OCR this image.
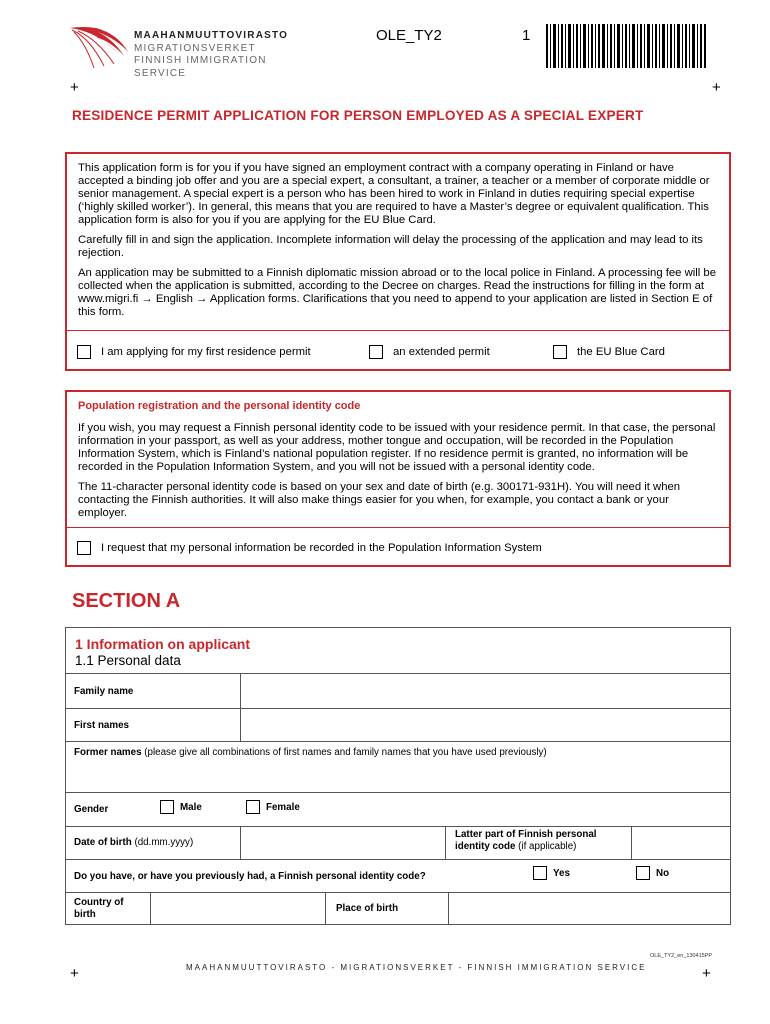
MAAHANMUUTTOVIRASTO
MIGRATIONSVERKET
FINNISH IMMIGRATION SERVICE
OLE_TY2	1
+	+
RESIDENCE PERMIT APPLICATION FOR PERSON EMPLOYED AS A SPECIAL EXPERT

This application form is for you if you have signed an employment contract with a company operating in Finland or have accepted a binding job offer and you are a special expert, a consultant, a trainer, a teacher or a member of corporate middle or senior management. A special expert is a person who has been hired to work in Finland in duties requiring special expertise (‘highly skilled worker’). In general, this means that you are required to have a Master’s degree or equivalent qualification. This application form is also for you if you are applying for the EU Blue Card.

Carefully fill in and sign the application. Incomplete information will delay the processing of the application and may lead to its rejection.

An application may be submitted to a Finnish diplomatic mission abroad or to the local police in Finland. A processing fee will be collected when the application is submitted, according to the Decree on charges. Read the instructions for filling in the form at www.migri.fi → English → Application forms. Clarifications that you need to append to your application are listed in Section E of this form.

I am applying for my first residence permit	an extended permit	the EU Blue Card
Population registration and the personal identity code

If you wish, you may request a Finnish personal identity code to be issued with your residence permit. In that case, the personal information in your passport, as well as your address, mother tongue and occupation, will be recorded in the Population Information System, which is Finland’s national population register. If no residence permit is granted, no information will be recorded in the Population Information System, and you will not be issued with a personal identity code.

The 11-character personal identity code is based on your sex and date of birth (e.g. 300171-931H). You will need it when contacting the Finnish authorities. It will also make things easier for you when, for example, you contact a bank or your employer.

I request that my personal information be recorded in the Population Information System
SECTION A
1 Information on applicant
1.1 Personal data
Family name
First names
Former names (please give all combinations of first names and family names that you have used previously)
Gender	Male	Female
Date of birth (dd.mm.yyyy)
Latter part of Finnish personal identity code (if applicable)
Do you have, or have you previously had, a Finnish personal identity code?	Yes	No
Country of birth
Place of birth
OLE_TY2_en_130415PP
+	MAAHANMUUTTOVIRASTO - MIGRATIONSVERKET - FINNISH IMMIGRATION SERVICE	+
